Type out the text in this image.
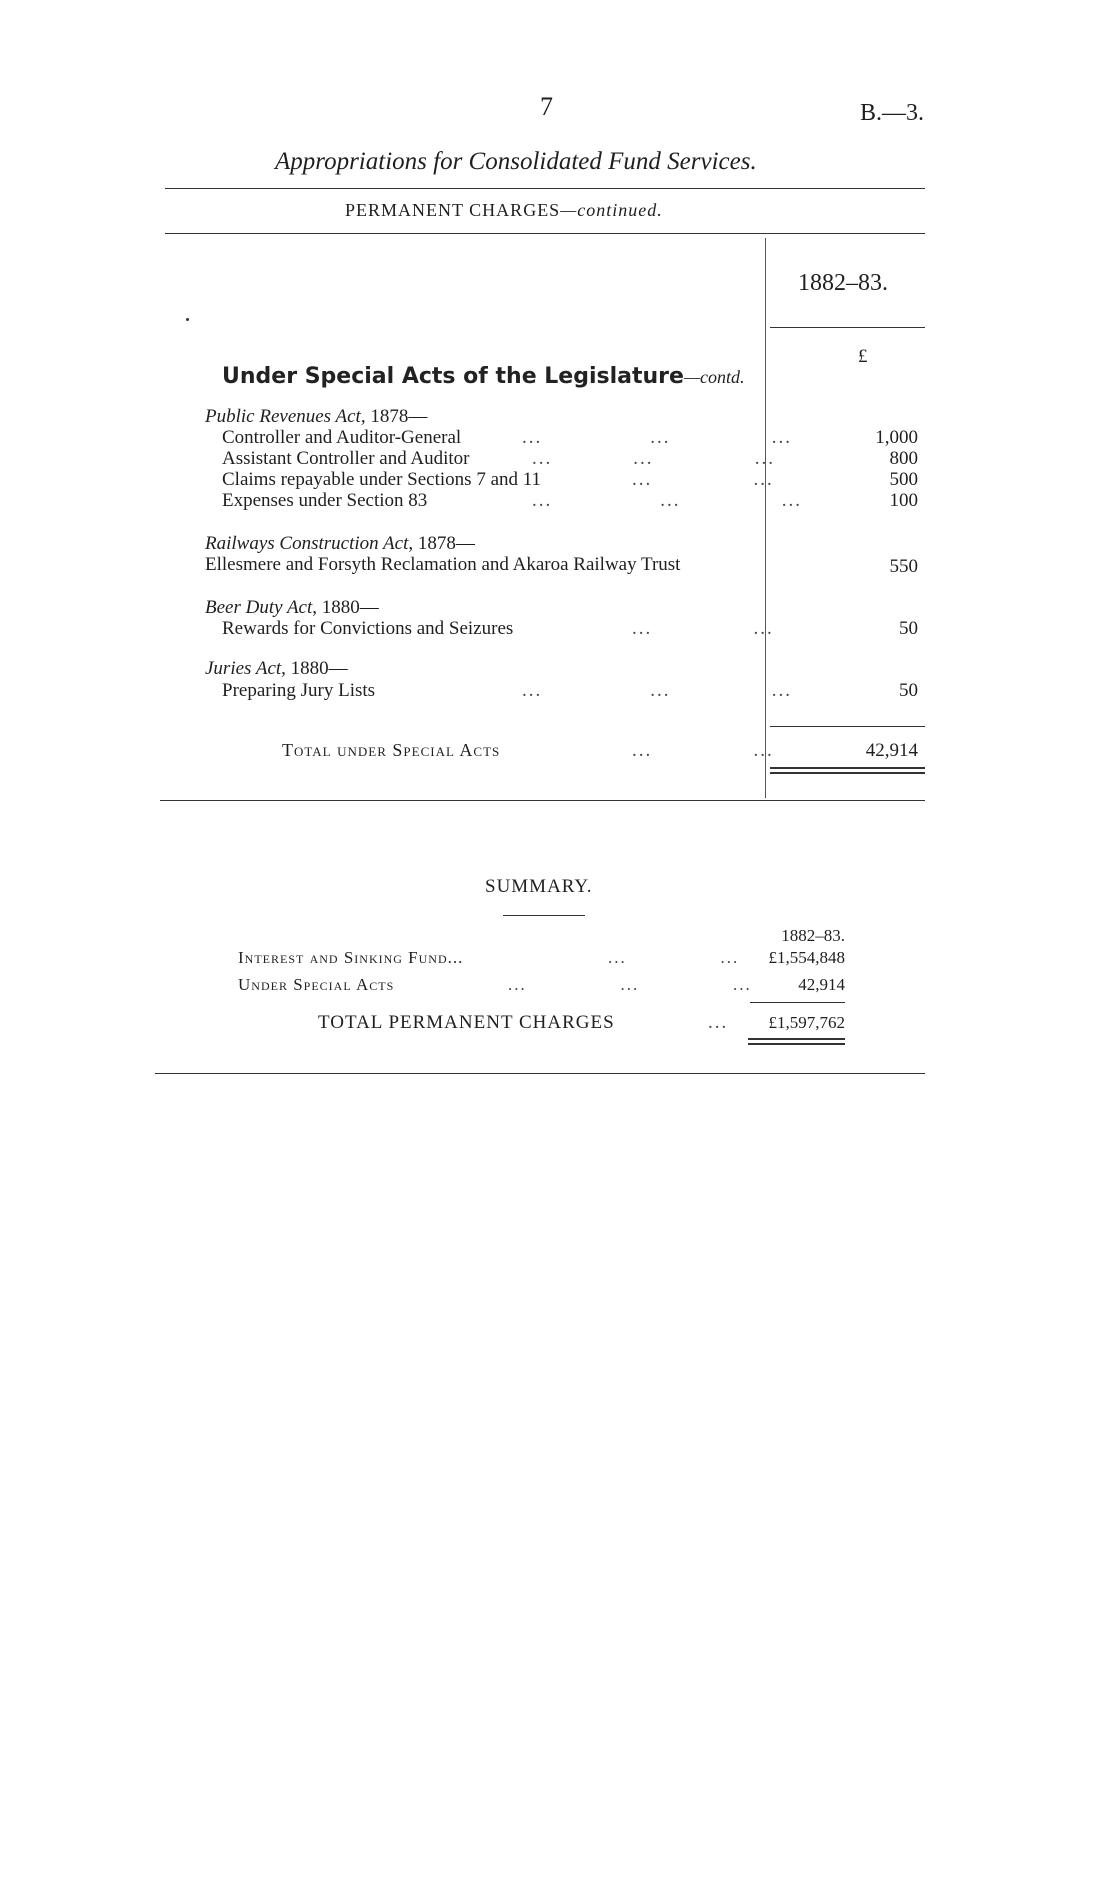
7	B.—3.
Appropriations for Consolidated Fund Services.
PERMANENT CHARGES—continued.
1882–83.
£
Under Special Acts of the Legislature—contd.
Public Revenues Act, 1878—
Controller and Auditor-General	...                ...               ...	1,000
Assistant Controller and Auditor	...            ...               ...	800
Claims repayable under Sections 7 and 11	...               ...	500
Expenses under Section 83	...                ...               ...	100
Railways Construction Act, 1878—
Ellesmere and Forsyth Reclamation and Akaroa Railway Trust	550
Beer Duty Act, 1880—
Rewards for Convictions and Seizures	...               ...	50
Juries Act, 1880—
Preparing Jury Lists	...                ...               ...	50
Total under Special Acts	...               ...	42,914
SUMMARY.
1882–83.
Interest and Sinking Fund...	...               ...	£1,554,848
Under Special Acts	...               ...               ...	42,914
TOTAL PERMANENT CHARGES	...	£1,597,762
